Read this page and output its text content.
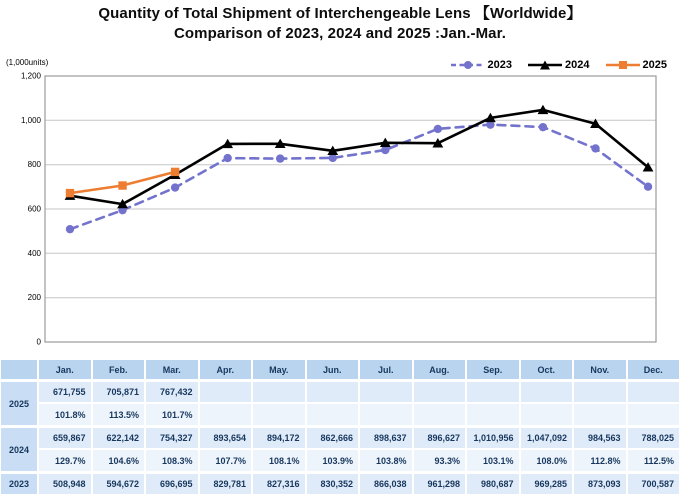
Quantity of Total Shipment of Interchengeable Lens 【Worldwide】
Comparison of 2023, 2024 and 2025 :Jan.-Mar.
(1,000units)	2023	2024	2025
0
200
400
600
800
1,000
1,200
	Jan.	Feb.	Mar.	Apr.	May.	Jun.	Jul.	Aug.	Sep.	Oct.	Nov.	Dec.
2025	671,755	705,871	767,432									
	101.8%	113.5%	101.7%									
2024	659,867	622,142	754,327	893,654	894,172	862,666	898,637	896,627	1,010,956	1,047,092	984,563	788,025
	129.7%	104.6%	108.3%	107.7%	108.1%	103.9%	103.8%	93.3%	103.1%	108.0%	112.8%	112.5%
2023	508,948	594,672	696,695	829,781	827,316	830,352	866,038	961,298	980,687	969,285	873,093	700,587
